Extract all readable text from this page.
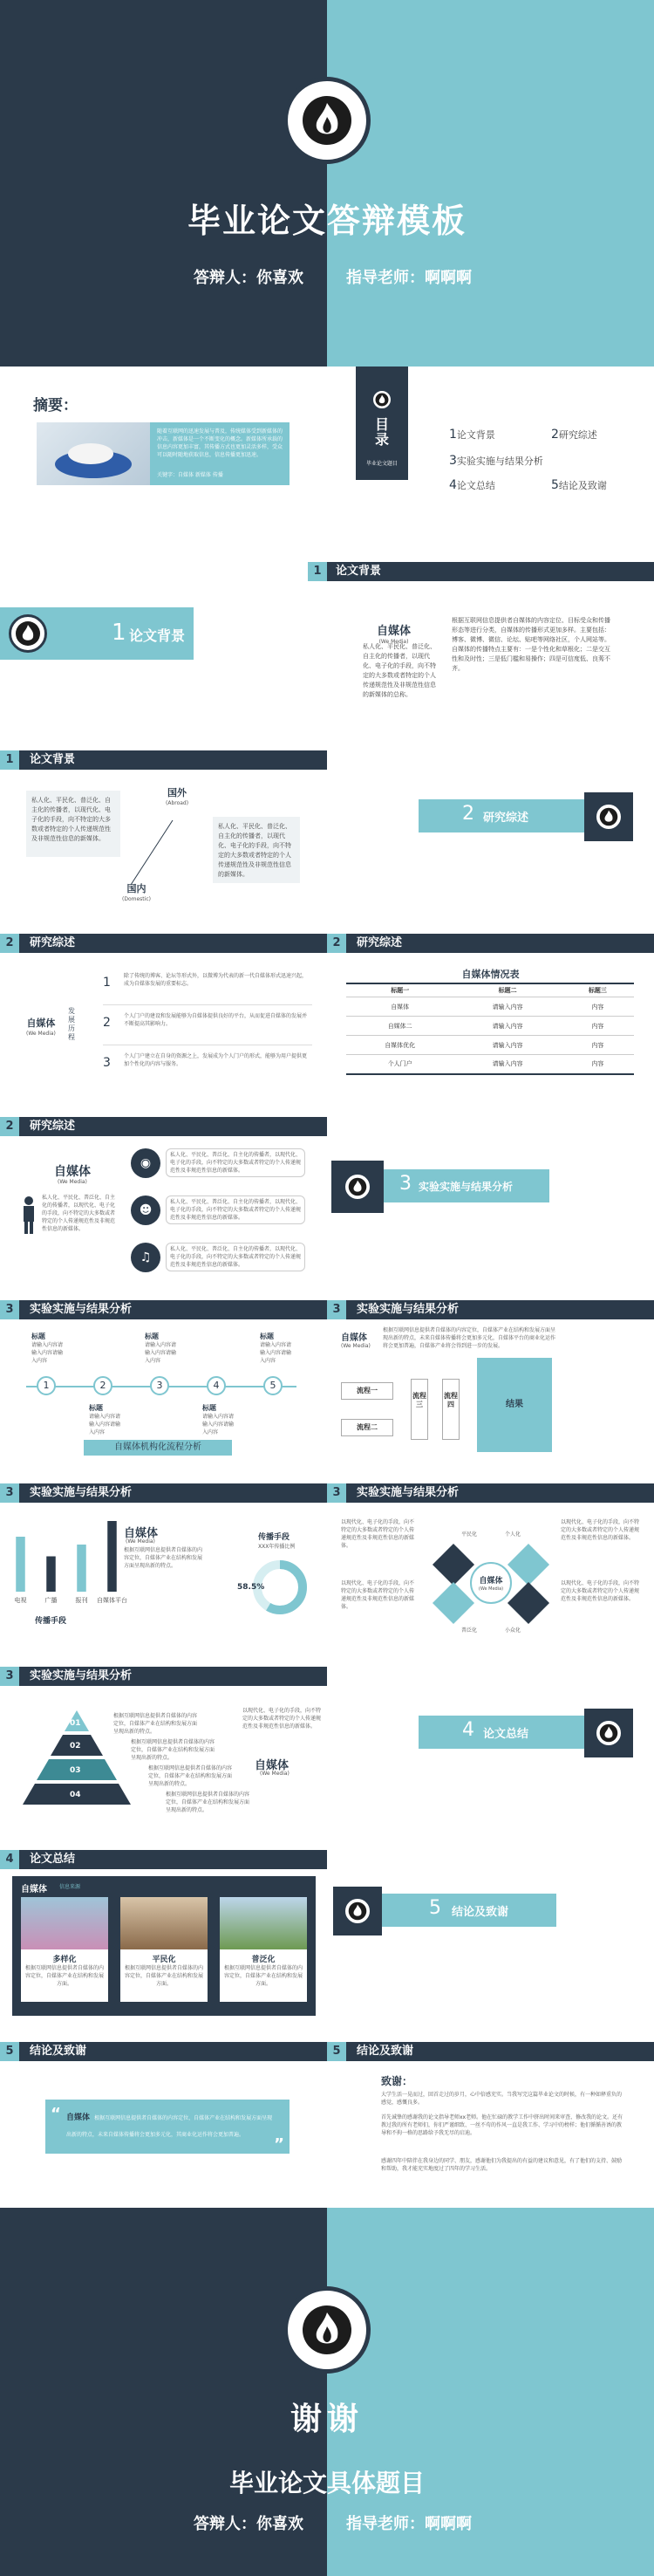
毕业论文答辩模板
答辩人：你喜欢	指导老师：啊啊啊
摘要：
随着互联网的迅速发展与普及，传统媒体受到新媒体的冲击，新媒体是一个不断变化的概念。新媒体所承载的信息内容更加丰富，其传播方式也更加灵活多样，受众可以随时随地获取信息，信息传播更加迅速。
关键字：自媒体 新媒体 传播
目录
毕业论文题目
1论文背景	2研究综述
3实验实施与结果分析
4论文总结	5结论及致谢
1	论文背景
1 论文背景	自媒体
(We Media)
私人化、平民化、普泛化、自主化的传播者，以现代化、电子化的手段，向不特定的大多数或者特定的个人传递规范性及非规范性信息的新媒体的总称。
根据互联网信息提供者自媒体的内容定位、目标受众和传播形态等进行分类，自媒体的传播形式更加多样。主要包括：博客、微博、微信、论坛、贴吧等网络社区，个人网站等。自媒体的传播特点主要有：一是个性化和草根化；二是交互性和及时性；三是低门槛和易操作；四是可信度低、良莠不齐。
1	论文背景
私人化、平民化、普泛化、自主化的传播者，以现代化、电子化的手段，向不特定的大多数或者特定的个人传递规范性及非规范性信息的新媒体。
国外
(Abroad)
国内
(Domestic)
私人化、平民化、普泛化、自主化的传播者，以现代化、电子化的手段，向不特定的大多数或者特定的个人传递规范性及非规范性信息的新媒体。
2 研究综述
2	研究综述
自媒体
(We Media)
发展历程
1	除了传统的博客、论坛等形式外，以微博为代表的新一代自媒体形式迅速兴起，成为自媒体发展的重要标志。
2	个人门户的建设和发展能够为自媒体提供良好的平台，从而促进自媒体的发展并不断提高其影响力。
3	个人门户建立在自身的资源之上，发展成为个人门户的形式，能够为用户提供更加个性化的内容与服务。
2	研究综述
自媒体情况表
标题一	标题二	标题三
自媒体	请输入内容	内容
自媒体二	请输入内容	内容
自媒体优化	请输入内容	内容
个人门户	请输入内容	内容
2	研究综述
自媒体
(We Media)
私人化、平民化、普泛化、自主化的传播者，以现代化、电子化的手段，向不特定的大多数或者特定的个人传递规范性及非规范性信息的新媒体。
◉
私人化、平民化、普泛化、自主化的传播者，以现代化、电子化的手段，向不特定的大多数或者特定的个人传递规范性及非规范性信息的新媒体。
☻
私人化、平民化、普泛化、自主化的传播者，以现代化、电子化的手段，向不特定的大多数或者特定的个人传递规范性及非规范性信息的新媒体。
♫
私人化、平民化、普泛化、自主化的传播者，以现代化、电子化的手段，向不特定的大多数或者特定的个人传递规范性及非规范性信息的新媒体。
3 实验实施与结果分析
3	实验实施与结果分析
1	2	3	4	5
标题
请输入内容请输入内容请输入内容
标题
请输入内容请输入内容请输入内容
标题
请输入内容请输入内容请输入内容
标题
请输入内容请输入内容请输入内容
标题
请输入内容请输入内容请输入内容
自媒体机构化流程分析
3	实验实施与结果分析
自媒体
(We Media)
根据互联网信息提供者自媒体的内容定位，自媒体产业在结构和发展方面呈现出新的特点，未来自媒体传播将会更加多元化，自媒体平台的商业化运作将会更加普遍，自媒体产业将会得到进一步的发展。
流程一
流程二
流程三
流程四	结果
3	实验实施与结果分析
电视	广播	报刊 自媒体平台
传播手段
自媒体
(We Media)
根据互联网信息提供者自媒体的内容定位，自媒体产业在结构和发展方面呈现出新的特点。
传播手段
XXX年传播比例
58.5%
3	实验实施与结果分析
以现代化、电子化的手段，向不特定的大多数或者特定的个人传递规范性及非规范性信息的新媒体。
以现代化、电子化的手段，向不特定的大多数或者特定的个人传递规范性及非规范性信息的新媒体。
以现代化、电子化的手段，向不特定的大多数或者特定的个人传递规范性及非规范性信息的新媒体。
以现代化、电子化的手段，向不特定的大多数或者特定的个人传递规范性及非规范性信息的新媒体。
自媒体
(We Media)
平民化	个人化
普泛化	小众化
3	实验实施与结果分析
01
02
03
04
根据互联网信息提供者自媒体的内容定位，自媒体产业在结构和发展方面呈现出新的特点。
根据互联网信息提供者自媒体的内容定位，自媒体产业在结构和发展方面呈现出新的特点。
根据互联网信息提供者自媒体的内容定位，自媒体产业在结构和发展方面呈现出新的特点。
根据互联网信息提供者自媒体的内容定位，自媒体产业在结构和发展方面呈现出新的特点。
自媒体
(We Media)
以现代化、电子化的手段，向不特定的大多数或者特定的个人传递规范性及非规范性信息的新媒体。	4 论文总结
4	论文总结
自媒体 信息来源
多样化
根据互联网信息提供者自媒体的内容定位，自媒体产业在结构和发展方面。
平民化
根据互联网信息提供者自媒体的内容定位，自媒体产业在结构和发展方面。
普泛化
根据互联网信息提供者自媒体的内容定位，自媒体产业在结构和发展方面。
5 结论及致谢
5	结论及致谢
“ 自媒体 根据互联网信息提供者自媒体的内容定位，自媒体产业在结构和发展方面呈现出新的特点，未来自媒体传播将会更加多元化，其商业化运作将会更加普遍。
”
5	结论及致谢
致谢：
大学生活一晃而过，回首走过的岁月，心中倍感充实。当我写完这篇毕业论文的时候，有一种如释重负的感觉，感慨良多。
首先诚挚的感谢我的论文指导老师xx老师。他在忙碌的教学工作中挤出时间来审查、修改我的论文。还有教过我的所有老师们，你们严谨细致、一丝不苟的作风一直是我工作、学习中的榜样；他们循循善诱的教导和不拘一格的思路给予我无尽的启迪。
感谢四年中陪伴在我身边的同学、朋友，感谢他们为我提出的有益的建议和意见，有了他们的支持、鼓励和帮助，我才能充实地度过了四年的学习生活。
谢谢
毕业论文具体题目
答辩人：你喜欢	指导老师：啊啊啊
